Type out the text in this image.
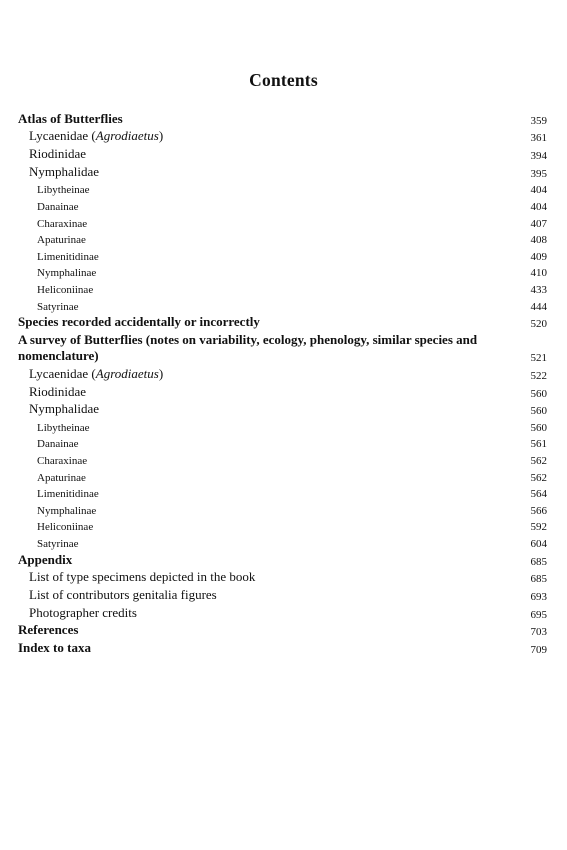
Contents
Atlas of Butterflies	359
Lycaenidae (Agrodiaetus)	361
Riodinidae	394
Nymphalidae	395
Libytheinae	404
Danainae	404
Charaxinae	407
Apaturinae	408
Limenitidinae	409
Nymphalinae	410
Heliconiinae	433
Satyrinae	444
Species recorded accidentally or incorrectly	520
A survey of Butterflies (notes on variability, ecology, phenology, similar species and nomenclature)	521
Lycaenidae (Agrodiaetus)	522
Riodinidae	560
Nymphalidae	560
Libytheinae	560
Danainae	561
Charaxinae	562
Apaturinae	562
Limenitidinae	564
Nymphalinae	566
Heliconiinae	592
Satyrinae	604
Appendix	685
List of type specimens depicted in the book	685
List of contributors genitalia figures	693
Photographer credits	695
References	703
Index to taxa	709
